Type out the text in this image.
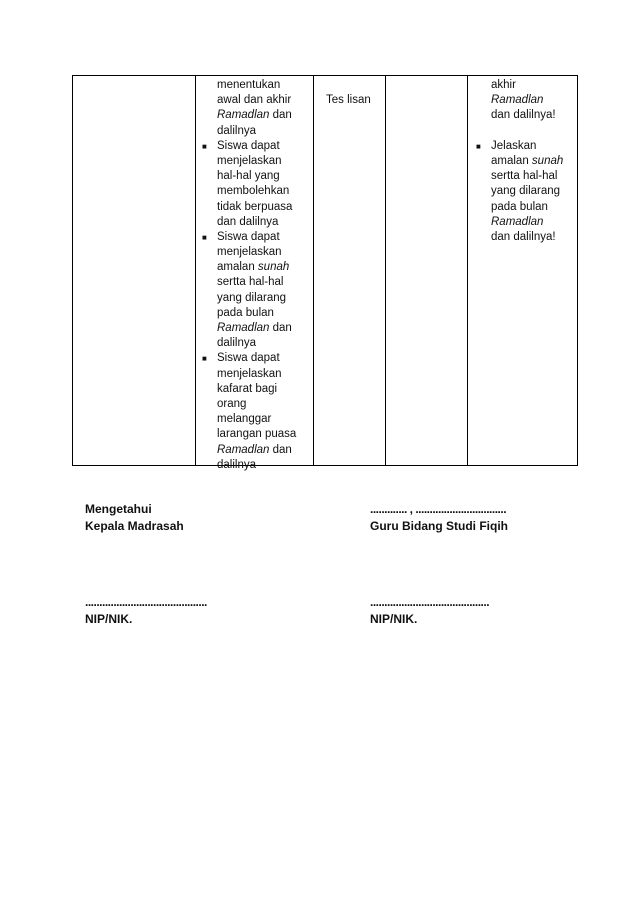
menentukan
awal dan akhir
Ramadlan dan
dalilnya
■ Siswa dapat
menjelaskan
hal-hal yang
membolehkan
tidak berpuasa
dan dalilnya
■ Siswa dapat
menjelaskan
amalan sunah
sertta hal-hal
yang dilarang
pada bulan
Ramadlan dan
dalilnya
■ Siswa dapat
menjelaskan
kafarat bagi
orang
melanggar
larangan puasa
Ramadlan dan
dalilnya
Tes lisan
akhir
Ramadlan
dan dalilnya!
■ Jelaskan
amalan sunah
sertta hal-hal
yang dilarang
pada bulan
Ramadlan
dan dalilnya!
Mengetahui
Kepala Madrasah
...........................................
NIP/NIK.
............. , ................................
Guru Bidang Studi Fiqih
..........................................
NIP/NIK.
